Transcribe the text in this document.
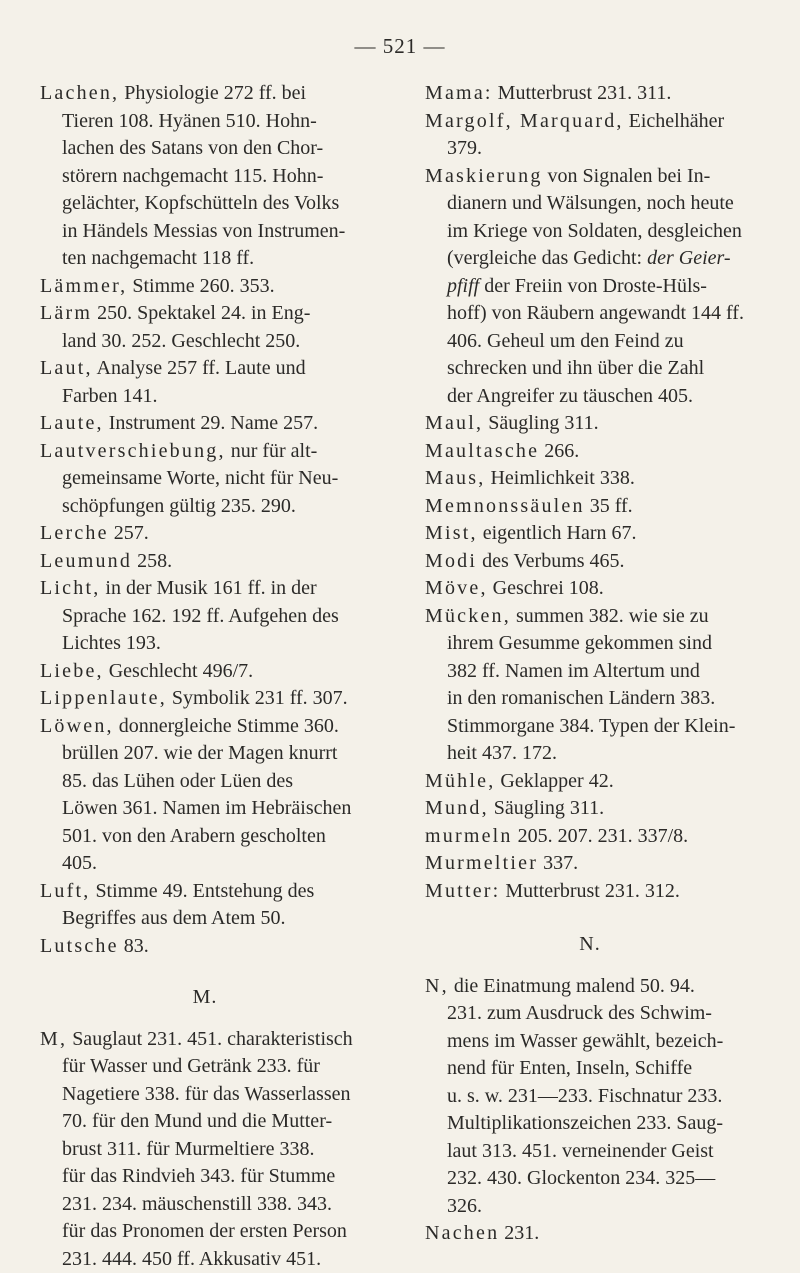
— 521 —
Lachen, Physiologie 272 ff. bei
Tieren 108. Hyänen 510. Hohn-
lachen des Satans von den Chor-
störern nachgemacht 115. Hohn-
gelächter, Kopfschütteln des Volks
in Händels Messias von Instrumen-
ten nachgemacht 118 ff.
Lämmer, Stimme 260. 353.
Lärm 250. Spektakel 24. in Eng-
land 30. 252. Geschlecht 250.
Laut, Analyse 257 ff. Laute und
Farben 141.
Laute, Instrument 29. Name 257.
Lautverschiebung, nur für alt-
gemeinsame Worte, nicht für Neu-
schöpfungen gültig 235. 290.
Lerche 257.
Leumund 258.
Licht, in der Musik 161 ff. in der
Sprache 162. 192 ff. Aufgehen des
Lichtes 193.
Liebe, Geschlecht 496/7.
Lippenlaute, Symbolik 231 ff. 307.
Löwen, donnergleiche Stimme 360.
brüllen 207. wie der Magen knurrt
85. das Lühen oder Lüen des
Löwen 361. Namen im Hebräischen
501. von den Arabern gescholten
405.
Luft, Stimme 49. Entstehung des
Begriffes aus dem Atem 50.
Lutsche 83.
M.
M, Sauglaut 231. 451. charakteristisch
für Wasser und Getränk 233. für
Nagetiere 338. für das Wasserlassen
70. für den Mund und die Mutter-
brust 311. für Murmeltiere 338.
für das Rindvieh 343. für Stumme
231. 234. mäuschenstill 338. 343.
für das Pronomen der ersten Person
231. 444. 450 ff. Akkusativ 451.
Mama: Mutterbrust 231. 311.
Margolf, Marquard, Eichelhäher
379.
Maskierung von Signalen bei In-
dianern und Wälsungen, noch heute
im Kriege von Soldaten, desgleichen
(vergleiche das Gedicht: der Geier-
pfiff der Freiin von Droste-Hüls-
hoff) von Räubern angewandt 144 ff.
406. Geheul um den Feind zu
schrecken und ihn über die Zahl
der Angreifer zu täuschen 405.
Maul, Säugling 311.
Maultasche 266.
Maus, Heimlichkeit 338.
Memnonssäulen 35 ff.
Mist, eigentlich Harn 67.
Modi des Verbums 465.
Möve, Geschrei 108.
Mücken, summen 382. wie sie zu
ihrem Gesumme gekommen sind
382 ff. Namen im Altertum und
in den romanischen Ländern 383.
Stimmorgane 384. Typen der Klein-
heit 437. 172.
Mühle, Geklapper 42.
Mund, Säugling 311.
murmeln 205. 207. 231. 337/8.
Murmeltier 337.
Mutter: Mutterbrust 231. 312.
N.
N, die Einatmung malend 50. 94.
231. zum Ausdruck des Schwim-
mens im Wasser gewählt, bezeich-
nend für Enten, Inseln, Schiffe
u. s. w. 231—233. Fischnatur 233.
Multiplikationszeichen 233. Saug-
laut 313. 451. verneinender Geist
232. 430. Glockenton 234. 325—
326.
Nachen 231.
